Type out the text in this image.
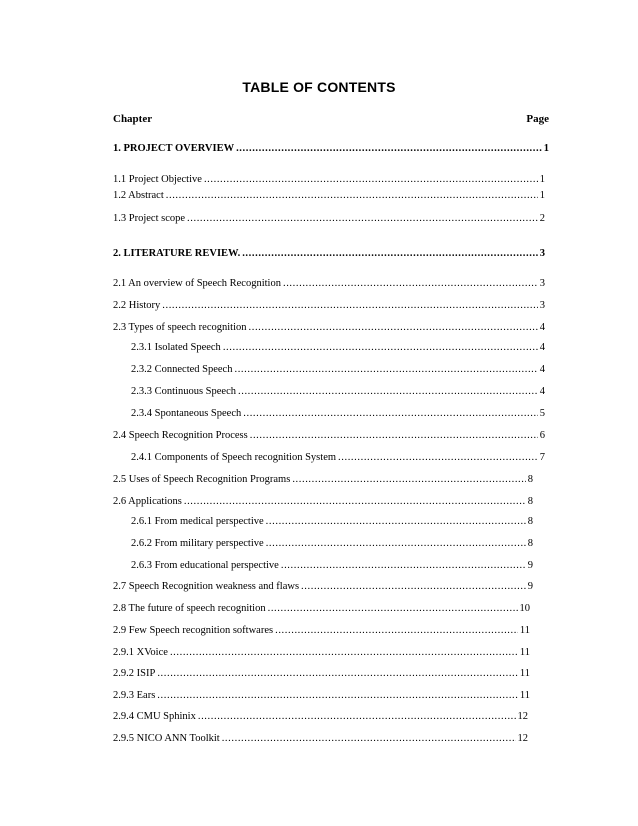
TABLE OF CONTENTS
Chapter	Page
1. PROJECT OVERVIEW .....	1
1.1 Project Objective .....	1
1.2 Abstract .....	1
1.3 Project scope .....	2
2. LITERATURE REVIEW. .....	3
2.1 An overview of Speech Recognition .....	3
2.2 History .....	3
2.3 Types of speech recognition .....	4
2.3.1 Isolated Speech .....	4
2.3.2 Connected Speech .....	4
2.3.3 Continuous Speech .....	4
2.3.4 Spontaneous Speech .....	5
2.4 Speech Recognition Process .....	6
2.4.1 Components of Speech recognition System .....	7
2.5 Uses of Speech Recognition Programs .....	8
2.6 Applications .....	8
2.6.1 From medical perspective .....	8
2.6.2 From military perspective .....	8
2.6.3 From educational perspective .....	9
2.7 Speech Recognition weakness and flaws .....	9
2.8 The future of speech recognition .....	10
2.9 Few Speech recognition softwares .....	11
2.9.1 XVoice .....	11
2.9.2 ISIP .....	11
2.9.3 Ears .....	11
2.9.4 CMU Sphinix .....	12
2.9.5 NICO ANN Toolkit .....	12
